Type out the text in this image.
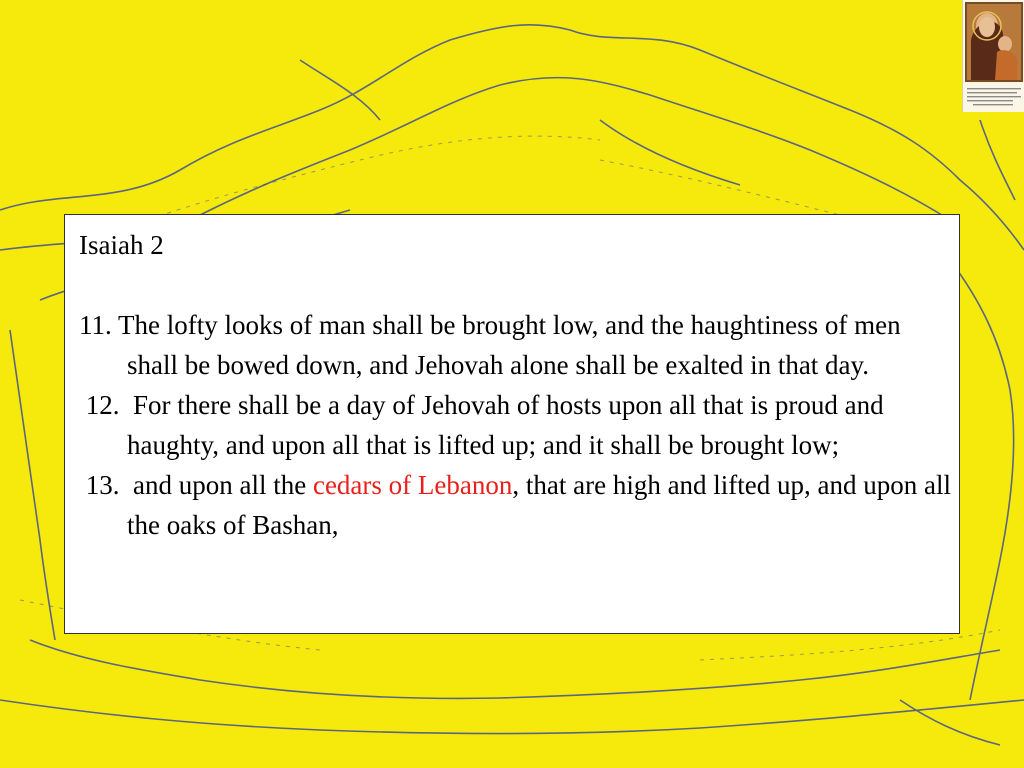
Isaiah 2

11. The lofty looks of man shall be brought low, and the haughtiness of men shall be bowed down, and Jehovah alone shall be exalted in that day.

12.  For there shall be a day of Jehovah of hosts upon all that is proud and haughty, and upon all that is lifted up; and it shall be brought low;

13.  and upon all the cedars of Lebanon, that are high and lifted up, and upon all the oaks of Bashan,
